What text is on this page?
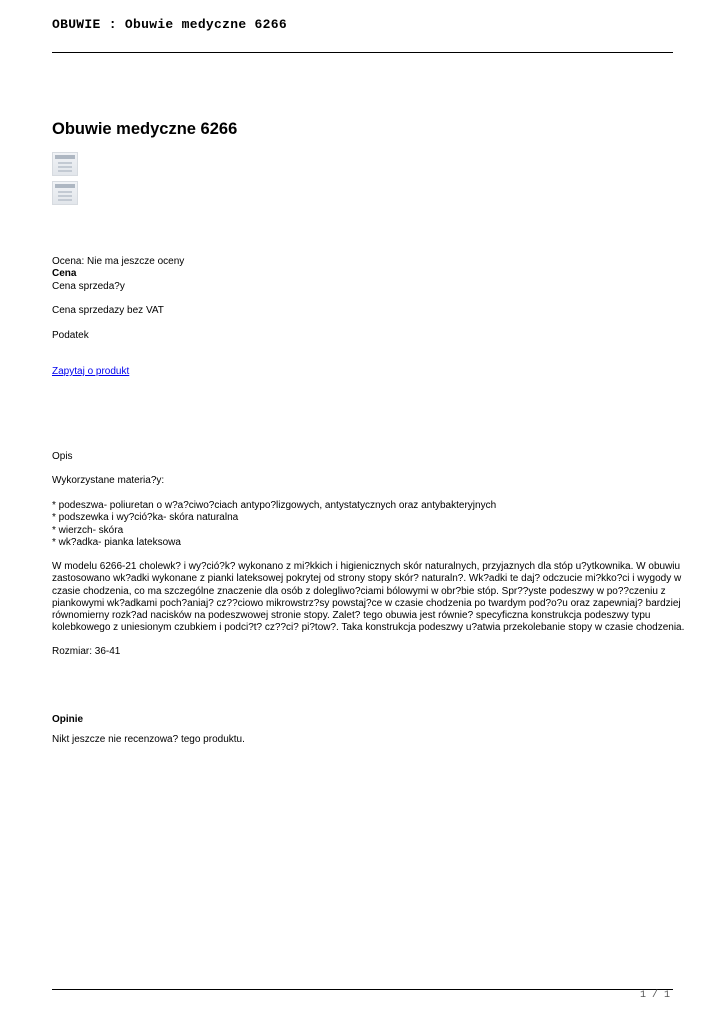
OBUWIE : Obuwie medyczne 6266
Obuwie medyczne 6266
Ocena: Nie ma jeszcze oceny
Cena
Cena sprzeda?y
Cena sprzedazy bez VAT
Podatek
Zapytaj o produkt
Opis
Wykorzystane materia?y:
* podeszwa- poliuretan o w?a?ciwo?ciach antypo?lizgowych, antystatycznych oraz antybakteryjnych
* podszewka i wy?ció?ka- skóra naturalna
* wierzch- skóra
* wk?adka- pianka lateksowa
W modelu 6266-21 cholewk? i wy?ció?k? wykonano z mi?kkich i higienicznych skór naturalnych, przyjaznych dla stóp u?ytkownika. W obuwiu
zastosowano wk?adki wykonane z pianki lateksowej pokrytej od strony stopy skór? naturaln?. Wk?adki te daj? odczucie mi?kko?ci i wygody w
czasie chodzenia, co ma szczególne znaczenie dla osób z dolegliwo?ciami bólowymi w obr?bie stóp. Spr??yste podeszwy w po??czeniu z
piankowymi wk?adkami poch?aniaj? cz??ciowo mikrowstrz?sy powstaj?ce w czasie chodzenia po twardym pod?o?u oraz zapewniaj? bardziej
równomierny rozk?ad nacisków na podeszwowej stronie stopy. Zalet? tego obuwia jest równie? specyficzna konstrukcja podeszwy typu
kolebkowego z uniesionym czubkiem i podci?t? cz??ci? pi?tow?. Taka konstrukcja podeszwy u?atwia przekolebanie stopy w czasie chodzenia.
Rozmiar: 36-41
Opinie
Nikt jeszcze nie recenzowa? tego produktu.
1 / 1
